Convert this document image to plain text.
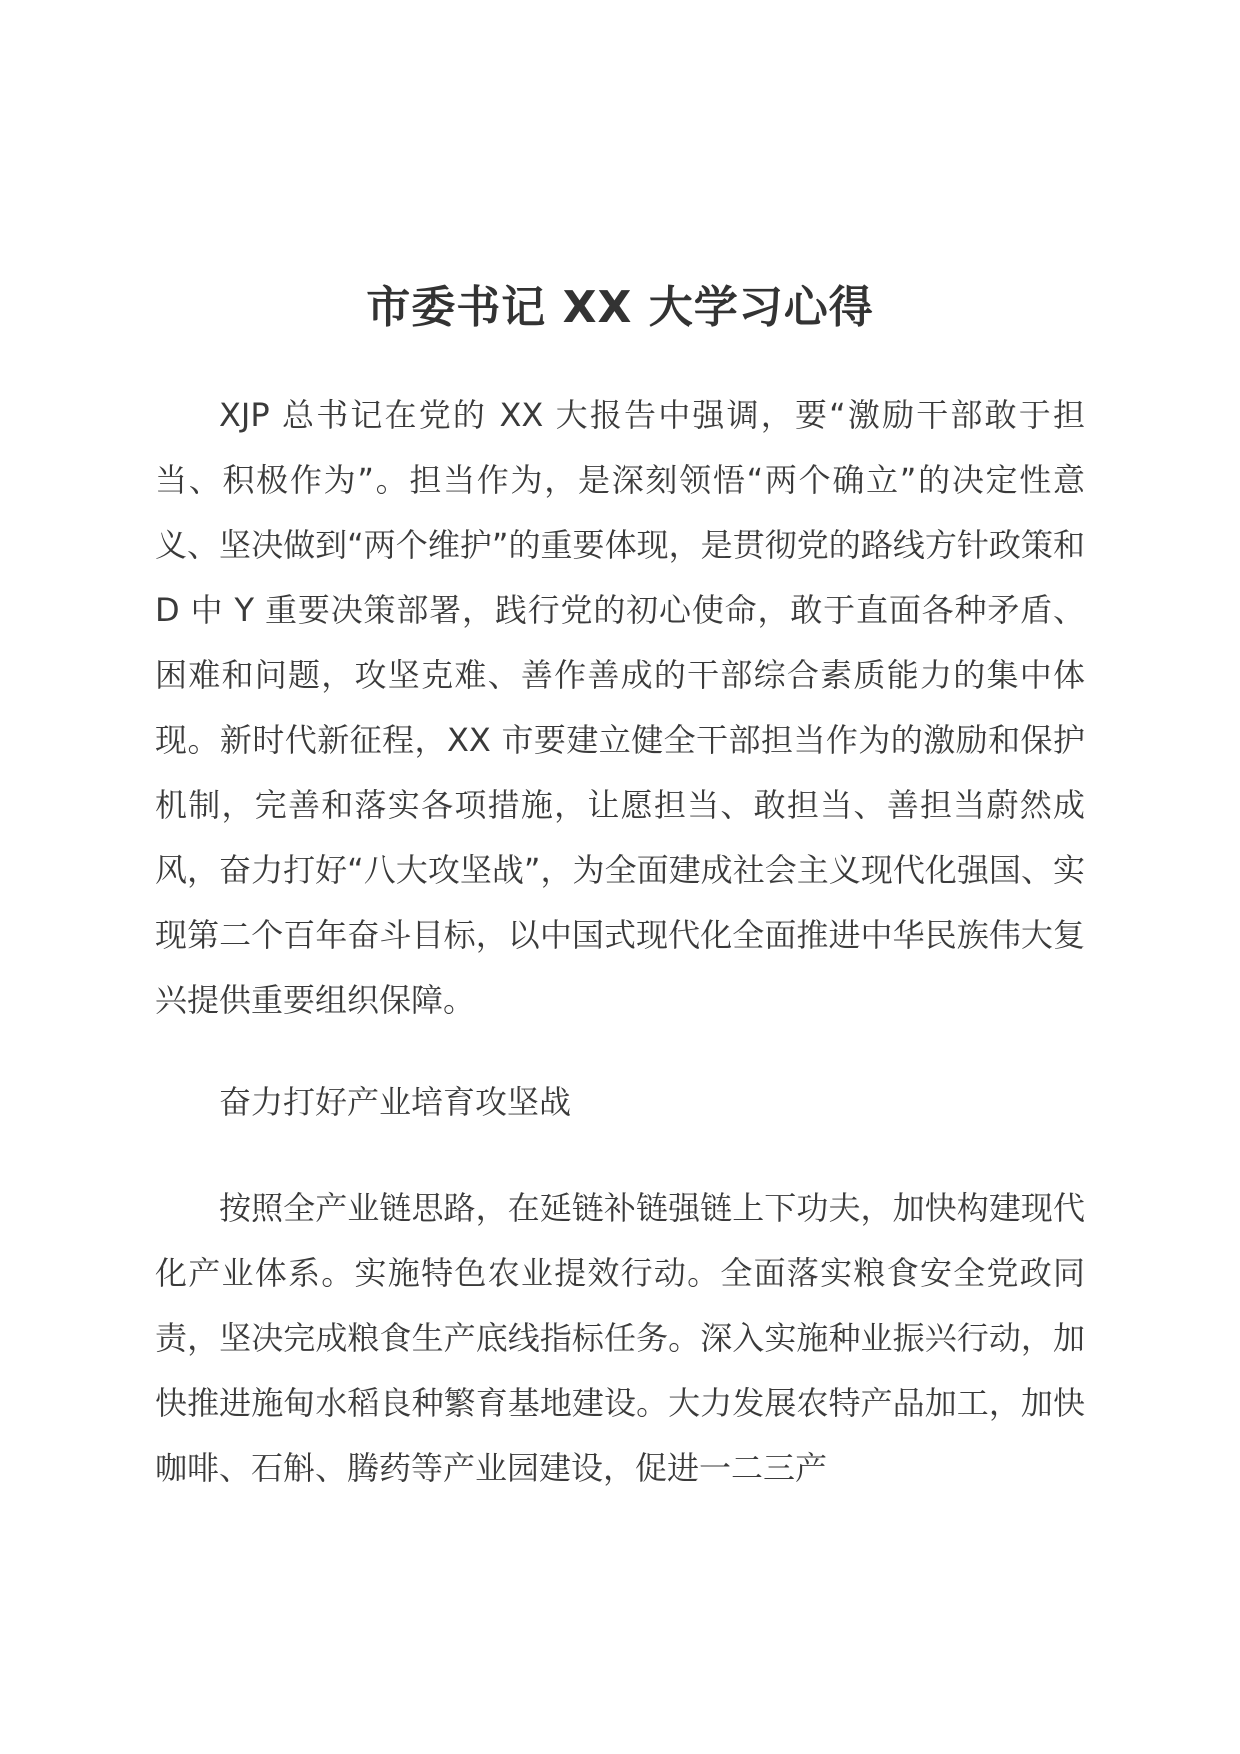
市委书记 XX 大学习心得

XJP 总书记在党的 XX 大报告中强调，要“激励干部敢于担当、积极作为”。担当作为，是深刻领悟“两个确立”的决定性意义、坚决做到“两个维护”的重要体现，是贯彻党的路线方针政策和 D 中 Y 重要决策部署，践行党的初心使命，敢于直面各种矛盾、困难和问题，攻坚克难、善作善成的干部综合素质能力的集中体现。新时代新征程，XX 市要建立健全干部担当作为的激励和保护机制，完善和落实各项措施，让愿担当、敢担当、善担当蔚然成风，奋力打好“八大攻坚战”，为全面建成社会主义现代化强国、实现第二个百年奋斗目标，以中国式现代化全面推进中华民族伟大复兴提供重要组织保障。

奋力打好产业培育攻坚战

按照全产业链思路，在延链补链强链上下功夫，加快构建现代化产业体系。实施特色农业提效行动。全面落实粮食安全党政同责，坚决完成粮食生产底线指标任务。深入实施种业振兴行动，加快推进施甸水稻良种繁育基地建设。大力发展农特产品加工，加快咖啡、石斛、腾药等产业园建设，促进一二三产
